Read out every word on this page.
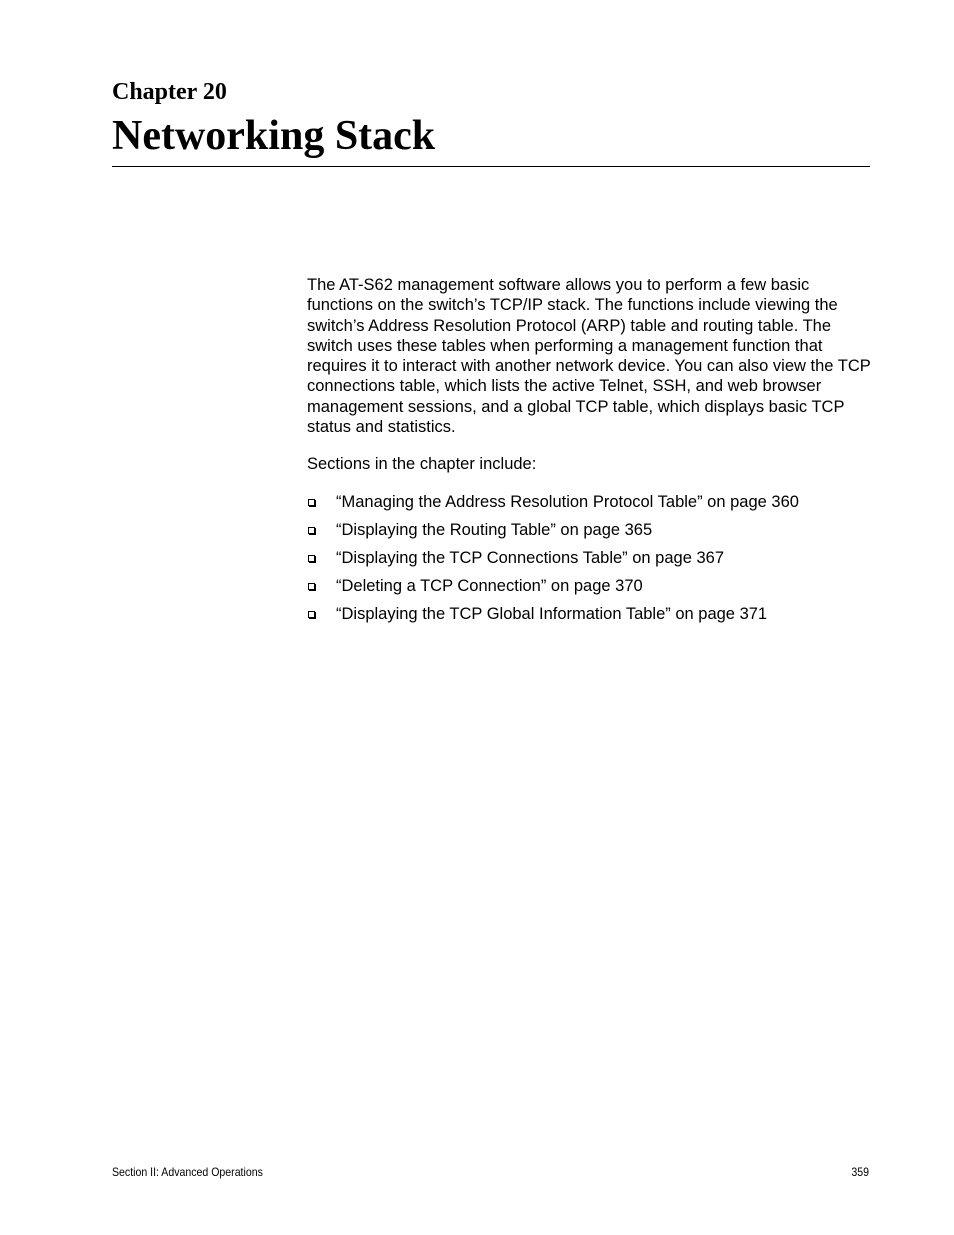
Chapter 20
Networking Stack

The AT-S62 management software allows you to perform a few basic functions on the switch’s TCP/IP stack. The functions include viewing the switch’s Address Resolution Protocol (ARP) table and routing table. The switch uses these tables when performing a management function that requires it to interact with another network device. You can also view the TCP connections table, which lists the active Telnet, SSH, and web browser management sessions, and a global TCP table, which displays basic TCP status and statistics.

Sections in the chapter include:

“Managing the Address Resolution Protocol Table” on page 360
“Displaying the Routing Table” on page 365
“Displaying the TCP Connections Table” on page 367
“Deleting a TCP Connection” on page 370
“Displaying the TCP Global Information Table” on page 371
Section II: Advanced Operations	359
